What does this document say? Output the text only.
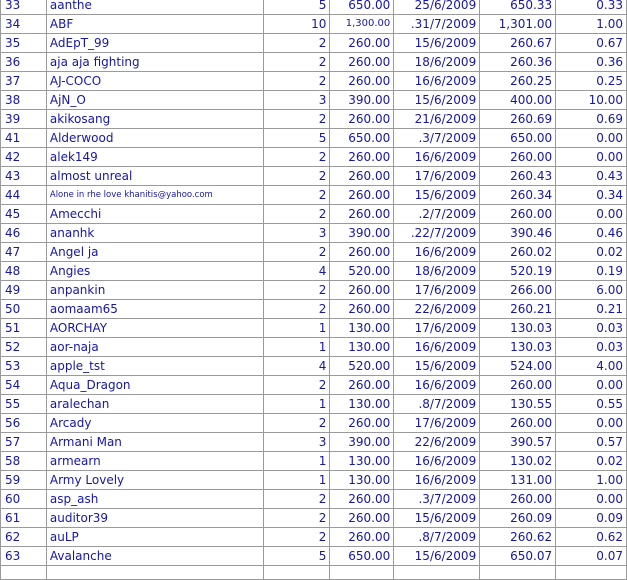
33	aanthe	5	650.00	25/6/2009	650.33	0.33
34	ABF	10	1,300.00	.31/7/2009	1,301.00	1.00
35	AdEpT_99	2	260.00	15/6/2009	260.67	0.67
36	aja aja fighting	2	260.00	18/6/2009	260.36	0.36
37	AJ-COCO	2	260.00	16/6/2009	260.25	0.25
38	AjN_O	3	390.00	15/6/2009	400.00	10.00
39	akikosang	2	260.00	21/6/2009	260.69	0.69
41	Alderwood	5	650.00	.3/7/2009	650.00	0.00
42	alek149	2	260.00	16/6/2009	260.00	0.00
43	almost unreal	2	260.00	17/6/2009	260.43	0.43
44	Alone in rhe love khanitis@yahoo.com	2	260.00	15/6/2009	260.34	0.34
45	Amecchi	2	260.00	.2/7/2009	260.00	0.00
46	ananhk	3	390.00	.22/7/2009	390.46	0.46
47	Angel ja	2	260.00	16/6/2009	260.02	0.02
48	Angies	4	520.00	18/6/2009	520.19	0.19
49	anpankin	2	260.00	17/6/2009	266.00	6.00
50	aomaam65	2	260.00	22/6/2009	260.21	0.21
51	AORCHAY	1	130.00	17/6/2009	130.03	0.03
52	aor-naja	1	130.00	16/6/2009	130.03	0.03
53	apple_tst	4	520.00	15/6/2009	524.00	4.00
54	Aqua_Dragon	2	260.00	16/6/2009	260.00	0.00
55	aralechan	1	130.00	.8/7/2009	130.55	0.55
56	Arcady	2	260.00	17/6/2009	260.00	0.00
57	Armani Man	3	390.00	22/6/2009	390.57	0.57
58	armearn	1	130.00	16/6/2009	130.02	0.02
59	Army Lovely	1	130.00	16/6/2009	131.00	1.00
60	asp_ash	2	260.00	.3/7/2009	260.00	0.00
61	auditor39	2	260.00	15/6/2009	260.09	0.09
62	auLP	2	260.00	.8/7/2009	260.62	0.62
63	Avalanche	5	650.00	15/6/2009	650.07	0.07
